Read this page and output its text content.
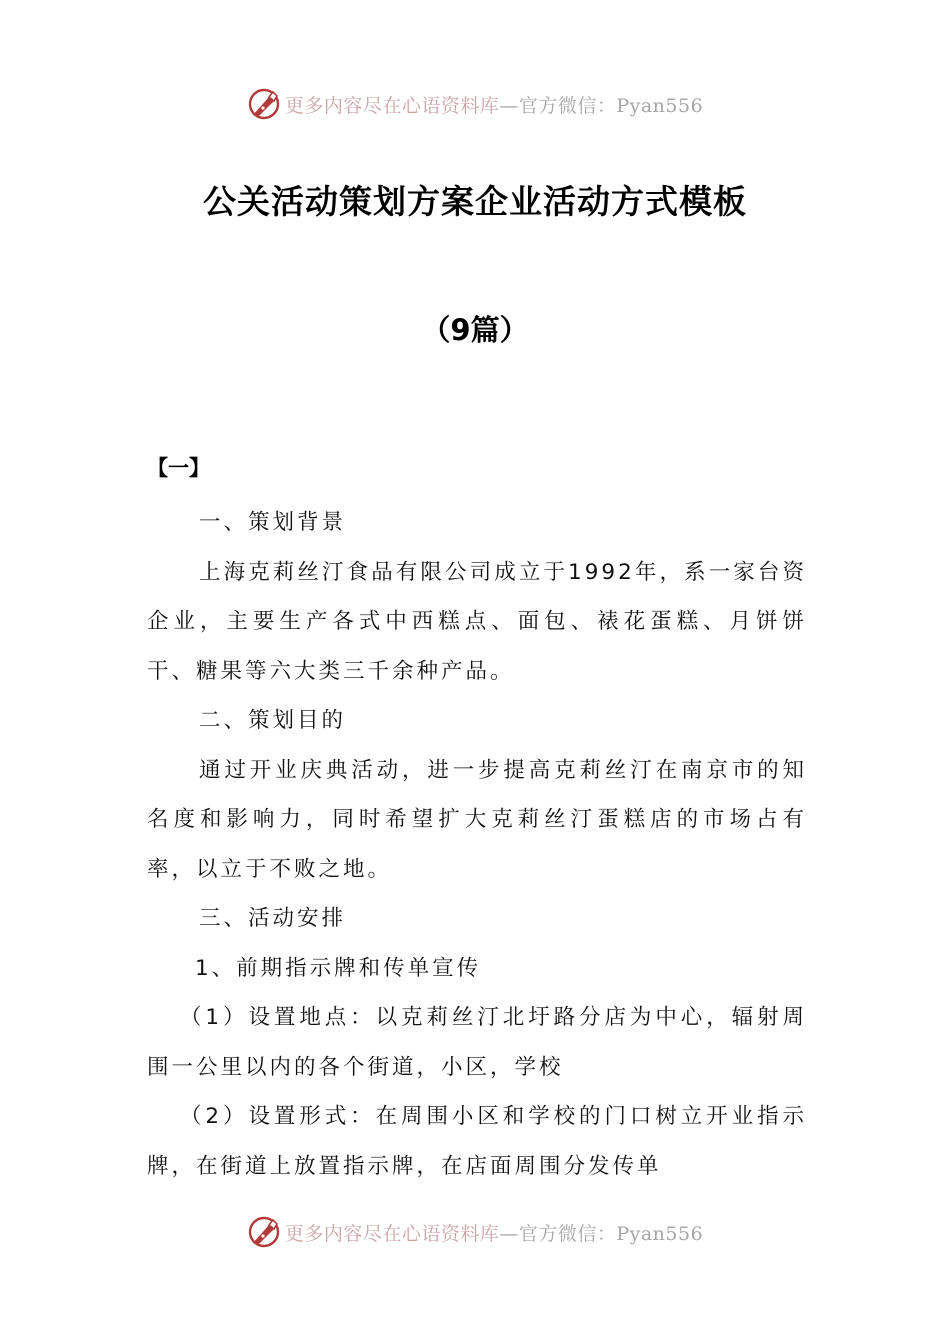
更多内容尽在心语资料库—官方微信：Pyan556
公关活动策划方案企业活动方式模板
（9篇）
【一】

一、策划背景

上海克莉丝汀食品有限公司成立于1992年，系一家台资企业，主要生产各式中西糕点、面包、裱花蛋糕、月饼饼干、糖果等六大类三千余种产品。

二、策划目的

通过开业庆典活动，进一步提高克莉丝汀在南京市的知名度和影响力，同时希望扩大克莉丝汀蛋糕店的市场占有率，以立于不败之地。

三、活动安排

1、前期指示牌和传单宣传

（1）设置地点：以克莉丝汀北圩路分店为中心，辐射周围一公里以内的各个街道，小区，学校

（2）设置形式：在周围小区和学校的门口树立开业指示牌，在街道上放置指示牌，在店面周围分发传单

更多内容尽在心语资料库—官方微信：Pyan556
